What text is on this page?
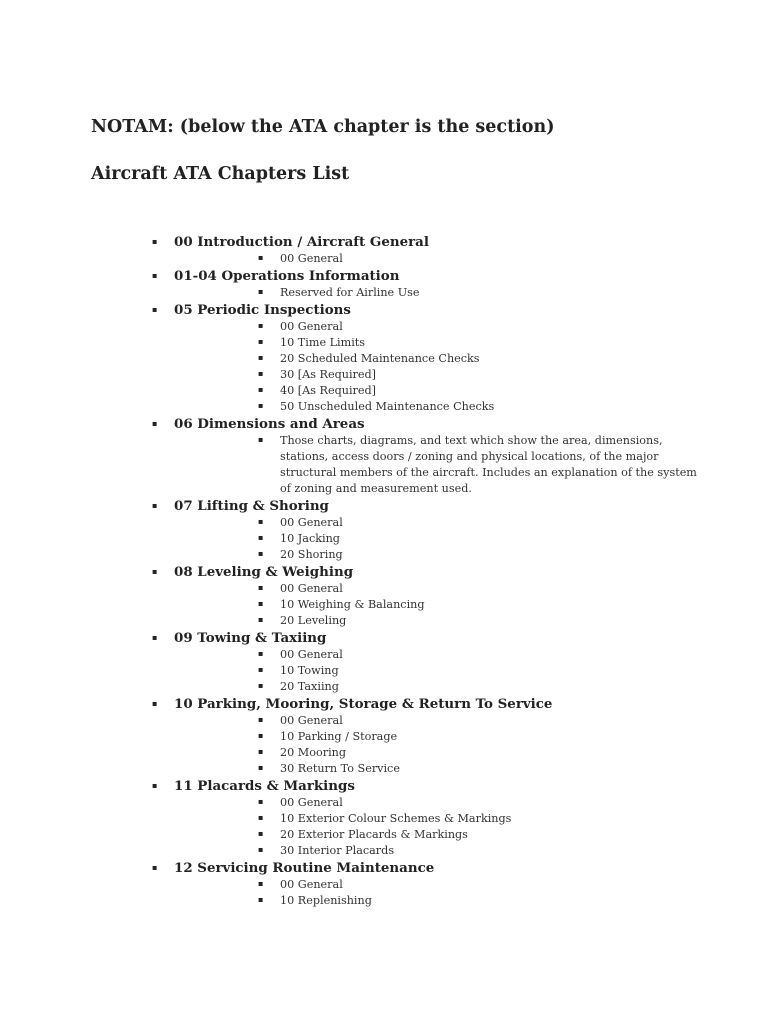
NOTAM: (below the ATA chapter is the section)
Aircraft ATA Chapters List
▪ 00 Introduction / Aircraft General
▪ 00 General
▪ 01-04 Operations Information
▪ Reserved for Airline Use
▪ 05 Periodic Inspections
▪ 00 General
▪ 10 Time Limits
▪ 20 Scheduled Maintenance Checks
▪ 30 [As Required]
▪ 40 [As Required]
▪ 50 Unscheduled Maintenance Checks
▪ 06 Dimensions and Areas
▪ Those charts, diagrams, and text which show the area, dimensions, stations, access doors / zoning and physical locations, of the major structural members of the aircraft. Includes an explanation of the system of zoning and measurement used.
▪ 07 Lifting & Shoring
▪ 00 General
▪ 10 Jacking
▪ 20 Shoring
▪ 08 Leveling & Weighing
▪ 00 General
▪ 10 Weighing & Balancing
▪ 20 Leveling
▪ 09 Towing & Taxiing
▪ 00 General
▪ 10 Towing
▪ 20 Taxiing
▪ 10 Parking, Mooring, Storage & Return To Service
▪ 00 General
▪ 10 Parking / Storage
▪ 20 Mooring
▪ 30 Return To Service
▪ 11 Placards & Markings
▪ 00 General
▪ 10 Exterior Colour Schemes & Markings
▪ 20 Exterior Placards & Markings
▪ 30 Interior Placards
▪ 12 Servicing Routine Maintenance
▪ 00 General
▪ 10 Replenishing
